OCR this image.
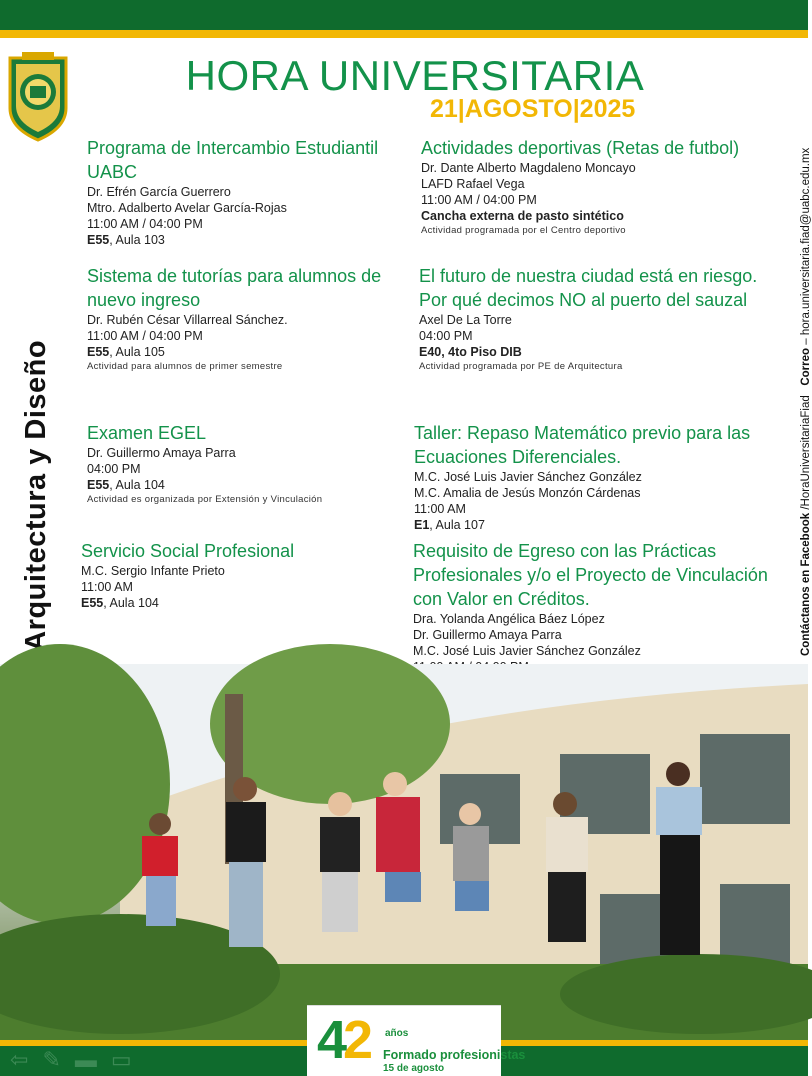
HORA UNIVERSITARIA
21|AGOSTO|2025
Contáctanos en Facebook /HoraUniversitariaFiad   Correo – hora.universitaria.fiad@uabc.edu.mx
Programa de Intercambio Estudiantil UABC
Dr. Efrén García Guerrero
Mtro. Adalberto Avelar García-Rojas
11:00 AM / 04:00 PM
E55, Aula 103
Actividades deportivas (Retas de futbol)
Dr. Dante Alberto Magdaleno Moncayo
LAFD Rafael Vega
11:00 AM / 04:00 PM
Cancha externa de pasto sintético
Actividad programada por el Centro deportivo
Sistema de tutorías para alumnos de nuevo ingreso
Dr. Rubén César Villarreal Sánchez.
11:00 AM / 04:00 PM
E55, Aula 105
Actividad para alumnos de primer semestre
El futuro de nuestra ciudad está en riesgo. Por qué decimos NO al puerto del sauzal
Axel De La Torre
04:00 PM
E40, 4to Piso DIB
Actividad programada por PE de Arquitectura
Examen EGEL
Dr. Guillermo Amaya Parra
04:00 PM
E55, Aula 104
Actividad es organizada por Extensión y Vinculación
Taller: Repaso Matemático previo para las Ecuaciones Diferenciales.
M.C. José Luis Javier Sánchez González
M.C. Amalia de Jesús Monzón Cárdenas
11:00 AM
E1, Aula 107
Servicio Social Profesional
M.C. Sergio Infante Prieto
11:00 AM
E55, Aula 104
Requisito de Egreso con las Prácticas Profesionales y/o el Proyecto de Vinculación con Valor en Créditos.
Dra. Yolanda Angélica Báez López
Dr. Guillermo Amaya Parra
M.C. José Luis Javier Sánchez González
⇦✎▬▭	42 años
Formado profesionistas
15 de agosto
